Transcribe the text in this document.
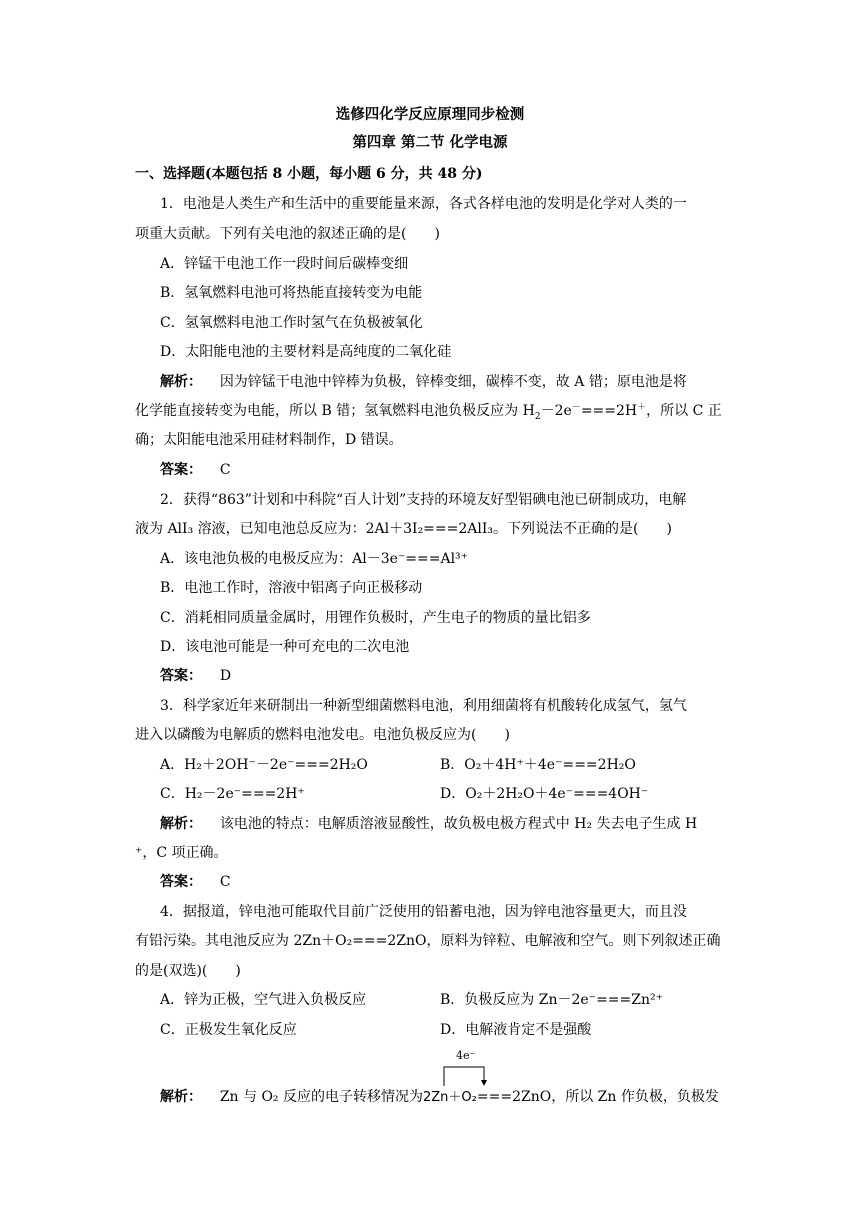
选修四化学反应原理同步检测
第四章 第二节 化学电源
一、选择题(本题包括 8 小题，每小题 6 分，共 48 分)
1．电池是人类生产和生活中的重要能量来源，各式各样电池的发明是化学对人类的一
项重大贡献。下列有关电池的叙述正确的是(　　)
A．锌锰干电池工作一段时间后碳棒变细
B．氢氧燃料电池可将热能直接转变为电能
C．氢氧燃料电池工作时氢气在负极被氧化
D．太阳能电池的主要材料是高纯度的二氧化硅
解析： 因为锌锰干电池中锌棒为负极，锌棒变细，碳棒不变，故 A 错；原电池是将
化学能直接转变为电能，所以 B 错；氢氧燃料电池负极反应为 $H_2-2e^-===2H^+$，所以 C 正
确；太阳能电池采用硅材料制作，D 错误。
答案： C
2．获得“863”计划和中科院“百人计划”支持的环境友好型铝碘电池已研制成功，电解
液为 AlI₃ 溶液，已知电池总反应为：2Al＋3I₂===2AlI₃。下列说法不正确的是(　　)
A．该电池负极的电极反应为：Al－3e⁻===Al³⁺
B．电池工作时，溶液中铝离子向正极移动
C．消耗相同质量金属时，用锂作负极时，产生电子的物质的量比铝多
D．该电池可能是一种可充电的二次电池
答案： D
3．科学家近年来研制出一种新型细菌燃料电池，利用细菌将有机酸转化成氢气，氢气
进入以磷酸为电解质的燃料电池发电。电池负极反应为(　　)
A．H₂＋2OH⁻－2e⁻===2H₂O	B．O₂＋4H⁺＋4e⁻===2H₂O
C．H₂－2e⁻===2H⁺	D．O₂＋2H₂O＋4e⁻===4OH⁻
解析： 该电池的特点：电解质溶液显酸性，故负极电极方程式中 H₂ 失去电子生成 H
⁺，C 项正确。
答案： C
4．据报道，锌电池可能取代目前广泛使用的铅蓄电池，因为锌电池容量更大，而且没
有铅污染。其电池反应为 2Zn＋O₂===2ZnO，原料为锌粒、电解液和空气。则下列叙述正确
的是(双选)(　　)
A．锌为正极，空气进入负极反应	B．负极反应为 Zn－2e⁻===Zn²⁺
C．正极发生氧化反应	D．电解液肯定不是强酸
4e⁻
解析： Zn 与 O₂ 反应的电子转移情况为2Zn＋O₂===2ZnO，所以 Zn 作负极，负极发
